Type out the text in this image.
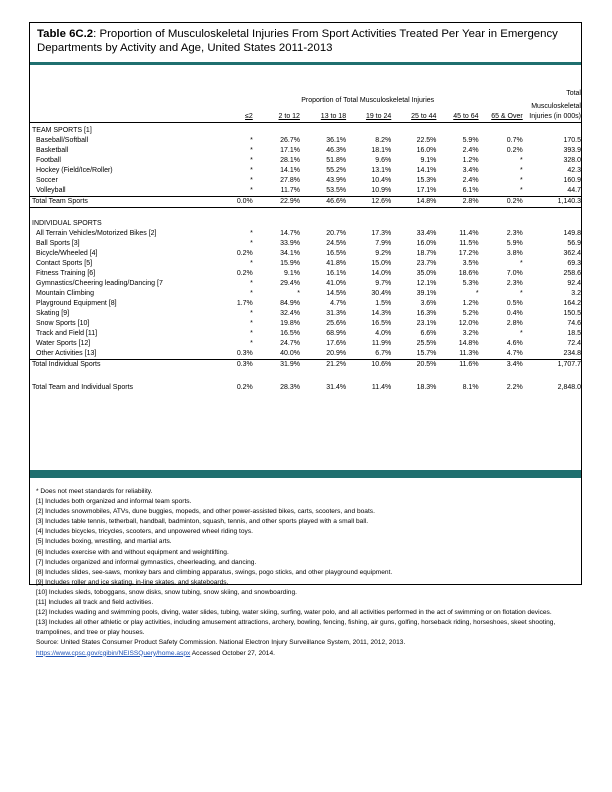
Table 6C.2: Proportion of Musculoskeletal Injuries From Sport Activities Treated Per Year in Emergency Departments by Activity and Age, United States 2011-2013
	Proportion of Total Musculoskeletal Injuries							Total
Musculoskeletal

	≤2	2 to 12	13 to 18	19 to 24	25 to 44	45 to 64	65 & Over	Injuries (in 000s)

TEAM SPORTS [1]								
Baseball/Softball	*	26.7%	36.1%	8.2%	22.5%	5.9%	0.7%	170.5
Basketball	*	17.1%	46.3%	18.1%	16.0%	2.4%	0.2%	393.9
Football	*	28.1%	51.8%	9.6%	9.1%	1.2%	*	328.0
Hockey (Field/Ice/Roller)	*	14.1%	55.2%	13.1%	14.1%	3.4%	*	42.3
Soccer	*	27.8%	43.9%	10.4%	15.3%	2.4%	*	160.9
Volleyball	*	11.7%	53.5%	10.9%	17.1%	6.1%	*	44.7
Total Team Sports	0.0%	22.9%	46.6%	12.6%	14.8%	2.8%	0.2%	1,140.3

INDIVIDUAL SPORTS								
All Terrain Vehicles/Motorized Bikes [2]	*	14.7%	20.7%	17.3%	33.4%	11.4%	2.3%	149.8
Ball Sports [3]	*	33.9%	24.5%	7.9%	16.0%	11.5%	5.9%	56.9
Bicycle/Wheeled [4]	0.2%	34.1%	16.5%	9.2%	18.7%	17.2%	3.8%	362.4
Contact Sports [5]	*	15.9%	41.8%	15.0%	23.7%	3.5%	*	69.3
Fitness Training [6]	0.2%	9.1%	16.1%	14.0%	35.0%	18.6%	7.0%	258.6
Gymnastics/Cheering leading/Dancing [7	*	29.4%	41.0%	9.7%	12.1%	5.3%	2.3%	92.4
Mountain Climbing	*	*	14.5%	30.4%	39.1%	*	*	3.2
Playground Equipment [8]	1.7%	84.9%	4.7%	1.5%	3.6%	1.2%	0.5%	164.2
Skating [9]	*	32.4%	31.3%	14.3%	16.3%	5.2%	0.4%	150.5
Snow Sports [10]	*	19.8%	25.6%	16.5%	23.1%	12.0%	2.8%	74.6
Track and Field [11]	*	16.5%	68.9%	4.0%	6.6%	3.2%	*	18.5
Water Sports [12]	*	24.7%	17.6%	11.9%	25.5%	14.8%	4.6%	72.4
Other Activities [13]	0.3%	40.0%	20.9%	6.7%	15.7%	11.3%	4.7%	234.8
Total Individual Sports	0.3%	31.9%	21.2%	10.6%	20.5%	11.6%	3.4%	1,707.7

Total Team and Individual Sports	0.2%	28.3%	31.4%	11.4%	18.3%	8.1%	2.2%	2,848.0
* Does not meet standards for reliability.
[1] Includes both organized and informal team sports.
[2] Includes snowmobiles, ATVs, dune buggies, mopeds, and other power-assisted bikes, carts, scooters, and boats.
[3] Includes table tennis, tetherball, handball, badminton, squash, tennis, and other sports played with a small ball.
[4] Includes bicycles, tricycles, scooters, and unpowered wheel riding toys.
[5] Includes boxing, wrestling, and martial arts.
[6] Includes exercise with and without equipment and weightlifting.
[7] Includes organized and informal gymnastics, cheerleading, and dancing.
[8] Includes slides, see-saws, monkey bars and climbing apparatus, swings, pogo sticks, and other playground equipment.
[9] Includes roller and ice skating, in-line skates, and skateboards.
[10] Includes sleds, toboggans, snow disks, snow tubing, snow skiing, and snowboarding.
[11] Includes all track and field activities.
[12] Includes wading and swimming pools, diving, water slides, tubing, water skiing, surfing, water polo, and all activities performed in the act of swimming or on flotation devices.
[13] Includes all other athletic or play activities, including amusement attractions, archery, bowling, fencing, fishing, air guns, golfing, horseback riding, horseshoes, skeet shooting, trampolines, and tree or play houses.
Source: United States Consumer Product Safety Commission. National Electron Injury Surveillance System, 2011, 2012, 2013.
https://www.cpsc.gov/cgibin/NEISSQuery/home.aspx Accessed October 27, 2014.
